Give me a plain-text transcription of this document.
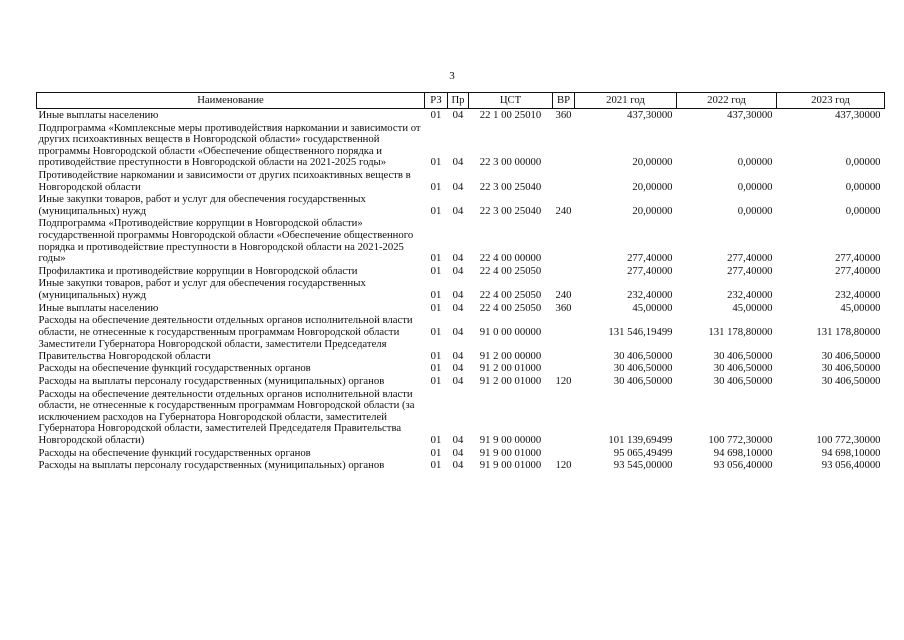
3
Наименование	РЗ	Пр	ЦСТ	ВР	2021 год	2022 год	2023 год
Иные выплаты населению	01	04	22 1 00 25010	360	437,30000	437,30000	437,30000
Подпрограмма «Комплексные меры противодействия наркомании и зависимости от других психоактивных веществ в Новгородской области» государственной программы Новгородской области «Обеспечение общественного порядка и противодействие преступности в Новгородской области на 2021-2025 годы»	01	04	22 3 00 00000		20,00000	0,00000	0,00000
Противодействие наркомании и зависимости от других психоактивных веществ в Новгородской области	01	04	22 3 00 25040		20,00000	0,00000	0,00000
Иные закупки товаров, работ и услуг для обеспечения государственных (муниципальных) нужд	01	04	22 3 00 25040	240	20,00000	0,00000	0,00000
Подпрограмма «Противодействие коррупции в Новгородской области» государственной программы Новгородской области «Обеспечение общественного порядка и противодействие преступности в Новгородской области на 2021-2025 годы»	01	04	22 4 00 00000		277,40000	277,40000	277,40000
Профилактика и противодействие коррупции в Новгородской области	01	04	22 4 00 25050		277,40000	277,40000	277,40000
Иные закупки товаров, работ и услуг для обеспечения государственных (муниципальных) нужд	01	04	22 4 00 25050	240	232,40000	232,40000	232,40000
Иные выплаты населению	01	04	22 4 00 25050	360	45,00000	45,00000	45,00000
Расходы на обеспечение деятельности отдельных органов исполнительной власти области, не отнесенные к государственным программам Новгородской области	01	04	91 0 00 00000		131 546,19499	131 178,80000	131 178,80000
Заместители Губернатора Новгородской области, заместители Председателя Правительства Новгородской области	01	04	91 2 00 00000		30 406,50000	30 406,50000	30 406,50000
Расходы на обеспечение функций государственных органов	01	04	91 2 00 01000		30 406,50000	30 406,50000	30 406,50000
Расходы на выплаты персоналу государственных (муниципальных) органов	01	04	91 2 00 01000	120	30 406,50000	30 406,50000	30 406,50000
Расходы на обеспечение деятельности отдельных органов исполнительной власти области, не отнесенные к государственным программам Новгородской области (за исключением расходов на Губернатора Новгородской области, заместителей Губернатора Новгородской области, заместителей Председателя Правительства Новгородской области)	01	04	91 9 00 00000		101 139,69499	100 772,30000	100 772,30000
Расходы на обеспечение функций государственных органов	01	04	91 9 00 01000		95 065,49499	94 698,10000	94 698,10000
Расходы на выплаты персоналу государственных (муниципальных) органов	01	04	91 9 00 01000	120	93 545,00000	93 056,40000	93 056,40000
